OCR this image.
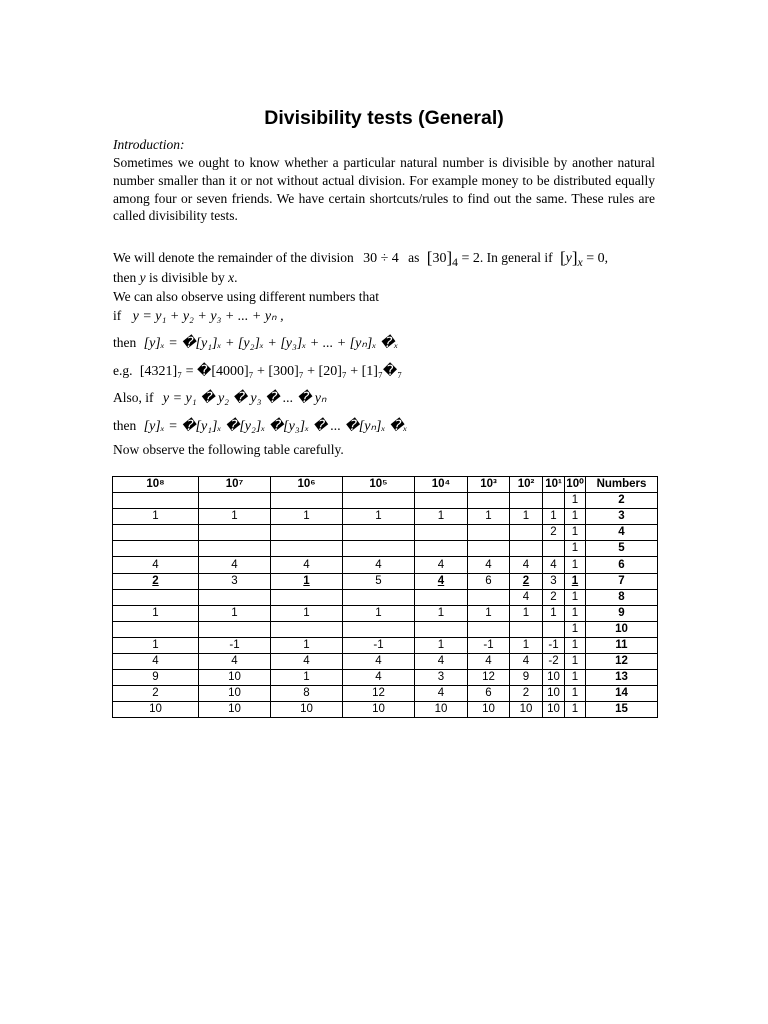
Divisibility tests (General)
Introduction:
Sometimes we ought to know whether a particular natural number is divisible by another natural number smaller than it or not without actual division. For example money to be distributed equally among four or seven friends. We have certain shortcuts/rules to find out the same. These rules are called divisibility tests.
We will denote the remainder of the division 30 ÷ 4 as $[30]_4 = 2$. In general if $[y]_x = 0$,
then y is divisible by x.
We can also observe using different numbers that
if y = y₁ + y₂ + y₃ + ... + yₙ ,
then [y]ₓ = �[y₁]ₓ + [y₂]ₓ + [y₃]ₓ + ... + [yₙ]ₓ �ₓ
e.g. [4321]₇ = �[4000]₇ + [300]₇ + [20]₇ + [1]₇�₇
Also, if y = y₁ � y₂ � y₃ � ... � yₙ
then [y]ₓ = �[y₁]ₓ �[y₂]ₓ �[y₃]ₓ � ... �[yₙ]ₓ �ₓ
Now observe the following table carefully.
10⁸	10⁷	10⁶	10⁵	10⁴	10³	10²	10¹	10⁰	Numbers
								1	2
1	1	1	1	1	1	1	1	1	3
							2	1	4
								1	5
4	4	4	4	4	4	4	4	1	6
2	3	1	5	4	6	2	3	1	7
						4	2	1	8
1	1	1	1	1	1	1	1	1	9
								1	10
1	-1	1	-1	1	-1	1	-1	1	11
4	4	4	4	4	4	4	-2	1	12
9	10	1	4	3	12	9	10	1	13
2	10	8	12	4	6	2	10	1	14
10	10	10	10	10	10	10	10	1	15
